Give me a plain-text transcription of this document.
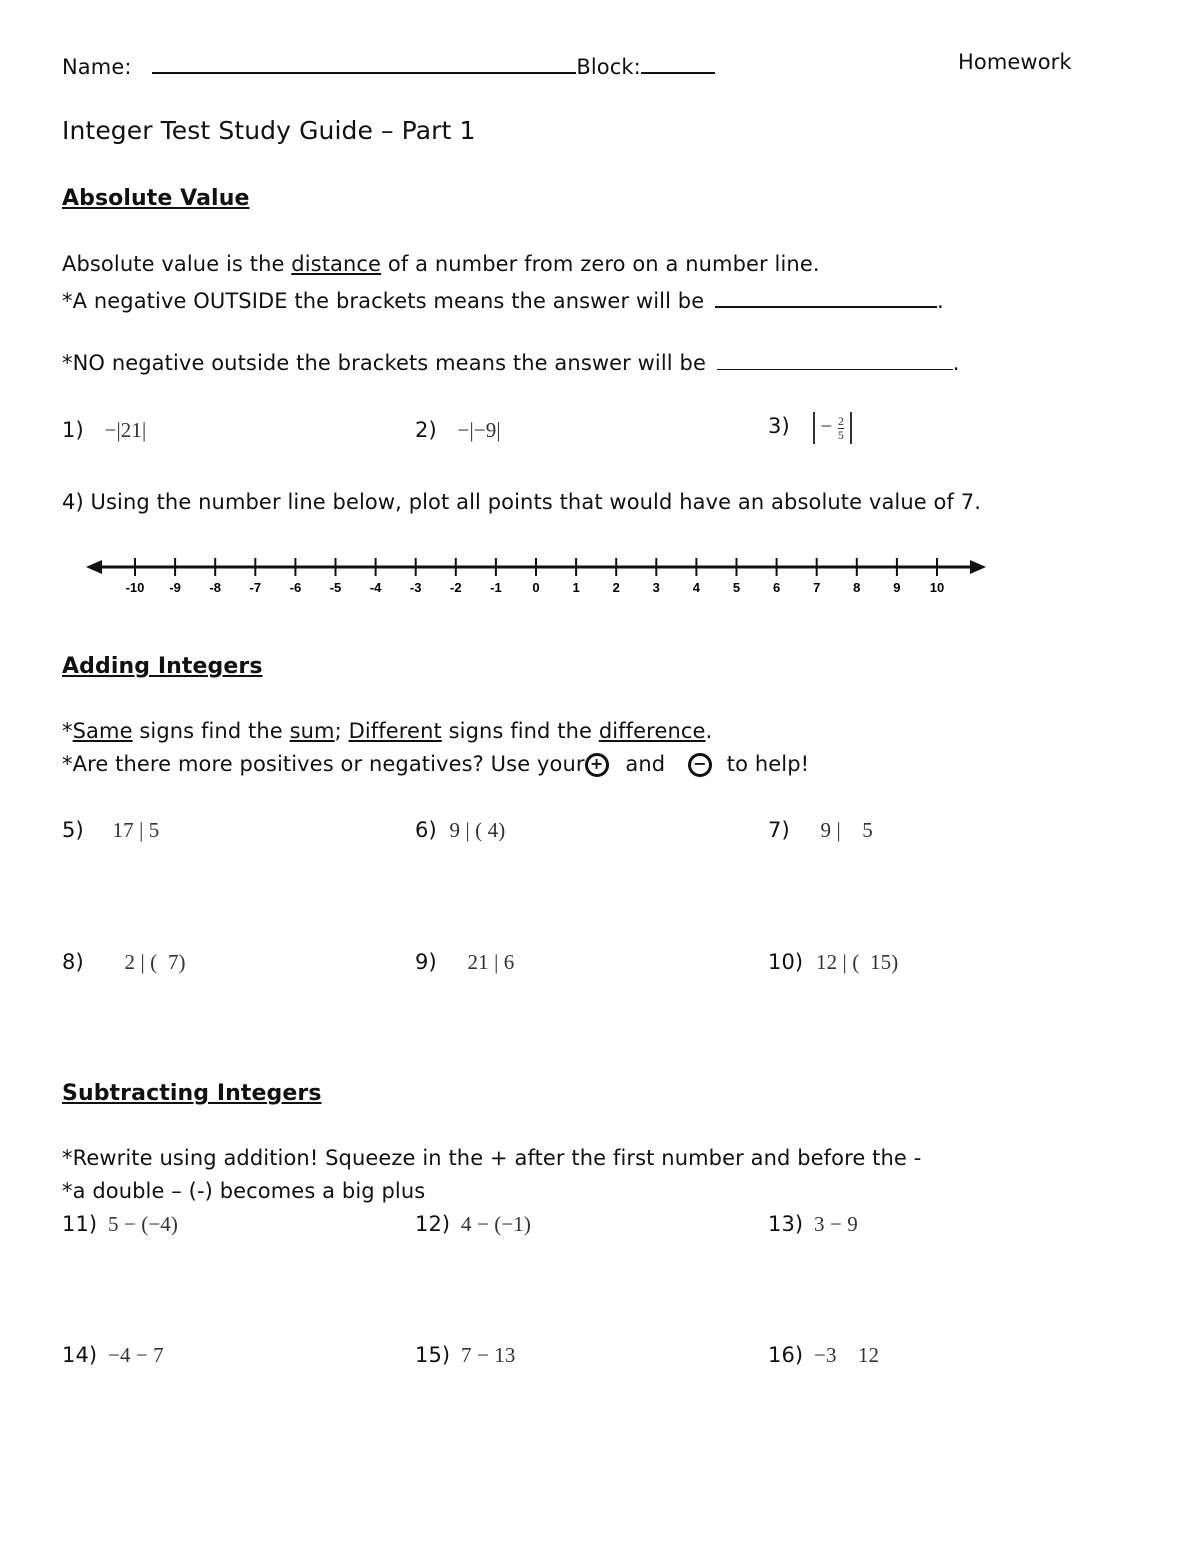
Name:	Block:	Homework
Integer Test Study Guide – Part 1
Absolute Value
Absolute value is the distance of a number from zero on a number line.
*A negative OUTSIDE the brackets means the answer will be	.
*NO negative outside the brackets means the answer will be	.
1) −|21|	2) −|−9|	$3) - \frac{2}{5}$
4) Using the number line below, plot all points that would have an absolute value of 7.
-10 -9 -8 -7 -6 -5 -4 -3 -2 -1 0	1	2	3	4	5	6	7	8	9 10
Adding Integers
*Same signs find the sum; Different signs find the difference.
*Are there more positives or negatives? Use your + and − to help!
5) 17 | 5	6) 9 | ( 4)	7) 9 |    5
8) 2 | (  7)	9) 21 | 6	10) 12 | (  15)
Subtracting Integers
*Rewrite using addition! Squeeze in the + after the first number and before the -
*a double – (-) becomes a big plus
11) 5 − (−4)	12) 4 − (−1)	13) 3 − 9
14) −4 − 7	15) 7 − 13	16) −3    12
